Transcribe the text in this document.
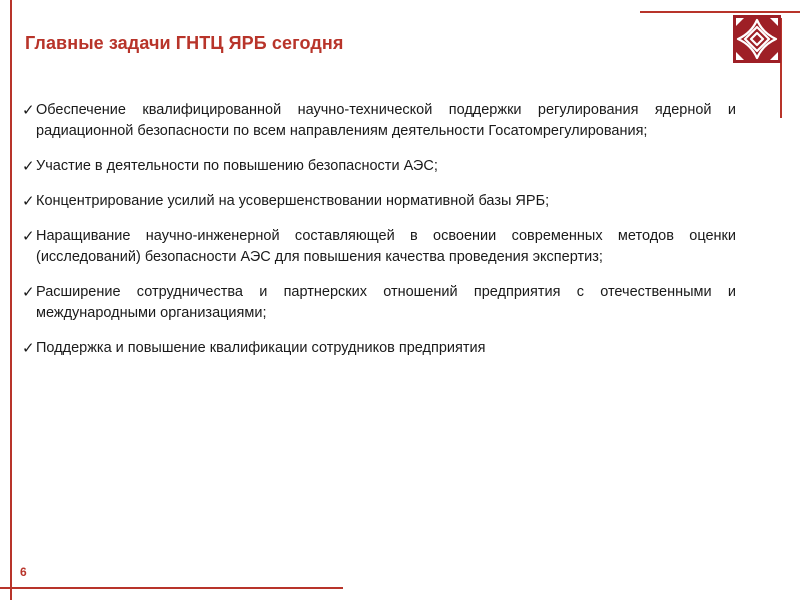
Главные задачи ГНТЦ ЯРБ сегодня
✓ Обеспечение квалифицированной научно-технической поддержки регулирования ядерной и радиационной безопасности по всем направлениям деятельности Госатомрегулирования;
✓ Участие в деятельности по повышению безопасности АЭС;
✓ Концентрирование усилий на усовершенствовании нормативной базы ЯРБ;
✓ Наращивание научно-инженерной составляющей в освоении современных методов оценки (исследований) безопасности АЭС для повышения качества проведения экспертиз;
✓ Расширение сотрудничества и партнерских отношений предприятия с отечественными и международными организациями;
✓ Поддержка и повышение квалификации сотрудников предприятия
6
